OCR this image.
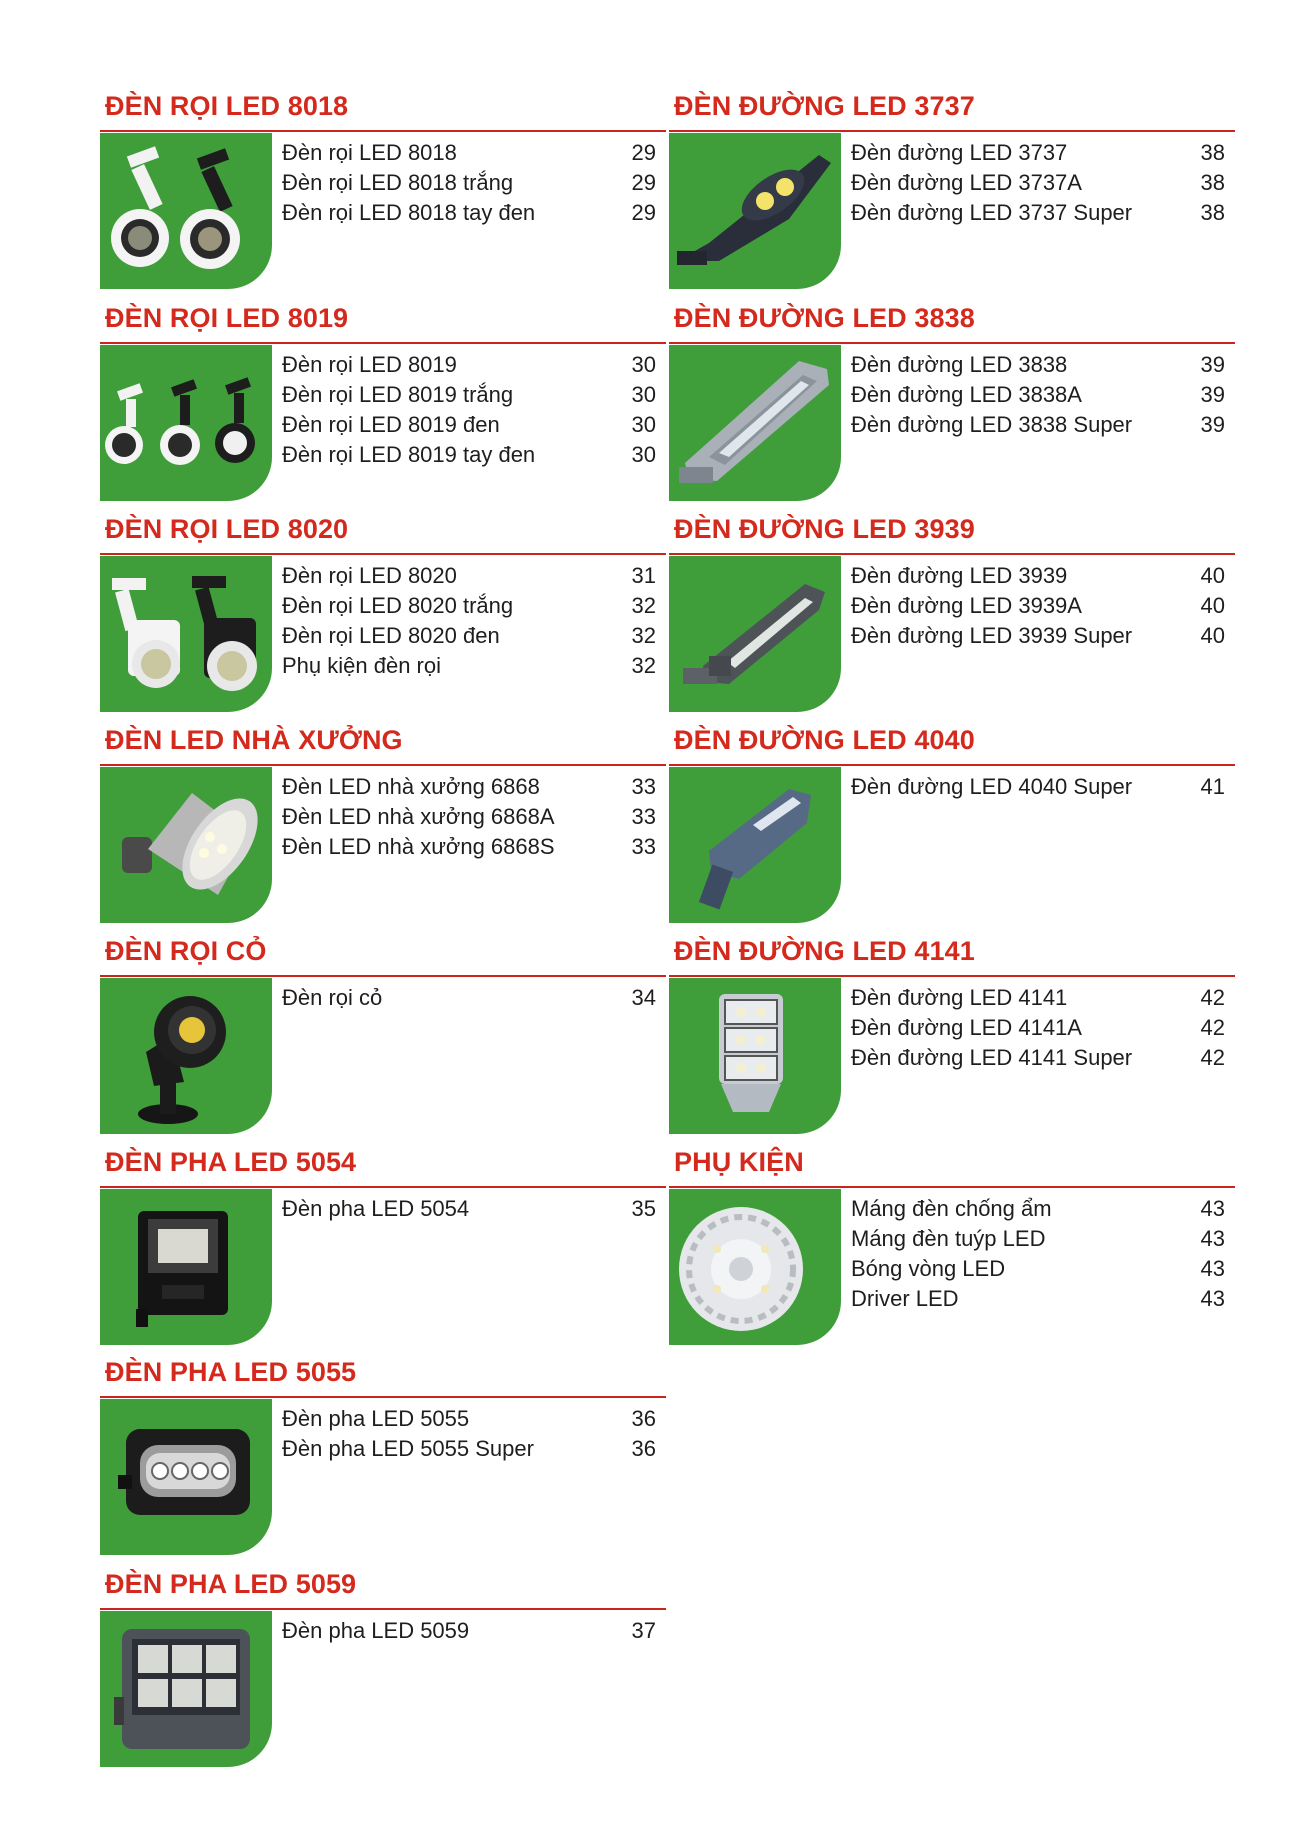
ĐÈN RỌI LED 8018
Đèn rọi LED 8018	29
Đèn rọi LED 8018 trắng	29
Đèn rọi LED 8018 tay đen	29
ĐÈN RỌI LED 8019
Đèn rọi LED 8019	30
Đèn rọi LED 8019 trắng	30
Đèn rọi LED 8019 đen	30
Đèn rọi LED 8019 tay đen	30
ĐÈN RỌI LED 8020
Đèn rọi LED 8020	31
Đèn rọi LED 8020 trắng	32
Đèn rọi LED 8020 đen	32
Phụ kiện đèn rọi	32
ĐÈN LED NHÀ XƯỞNG
Đèn LED nhà xưởng 6868	33
Đèn LED nhà xưởng 6868A	33
Đèn LED nhà xưởng 6868S	33
ĐÈN RỌI CỎ
Đèn rọi cỏ	34
ĐÈN PHA LED 5054
Đèn pha LED 5054	35
ĐÈN PHA LED 5055
Đèn pha LED 5055	36
Đèn pha LED 5055 Super	36
ĐÈN PHA LED 5059
Đèn pha LED 5059	37
ĐÈN ĐƯỜNG LED 3737
Đèn đường LED 3737	38
Đèn đường LED 3737A	38
Đèn đường LED 3737 Super	38
ĐÈN ĐƯỜNG LED 3838
Đèn đường LED 3838	39
Đèn đường LED 3838A	39
Đèn đường LED 3838 Super	39
ĐÈN ĐƯỜNG LED 3939
Đèn đường LED 3939	40
Đèn đường LED 3939A	40
Đèn đường LED 3939 Super	40
ĐÈN ĐƯỜNG LED 4040
Đèn đường LED 4040 Super	41
ĐÈN ĐƯỜNG LED 4141
Đèn đường LED 4141	42
Đèn đường LED 4141A	42
Đèn đường LED 4141 Super	42
PHỤ KIỆN
Máng đèn chống ẩm	43
Máng đèn tuýp LED	43
Bóng vòng LED	43
Driver LED	43
